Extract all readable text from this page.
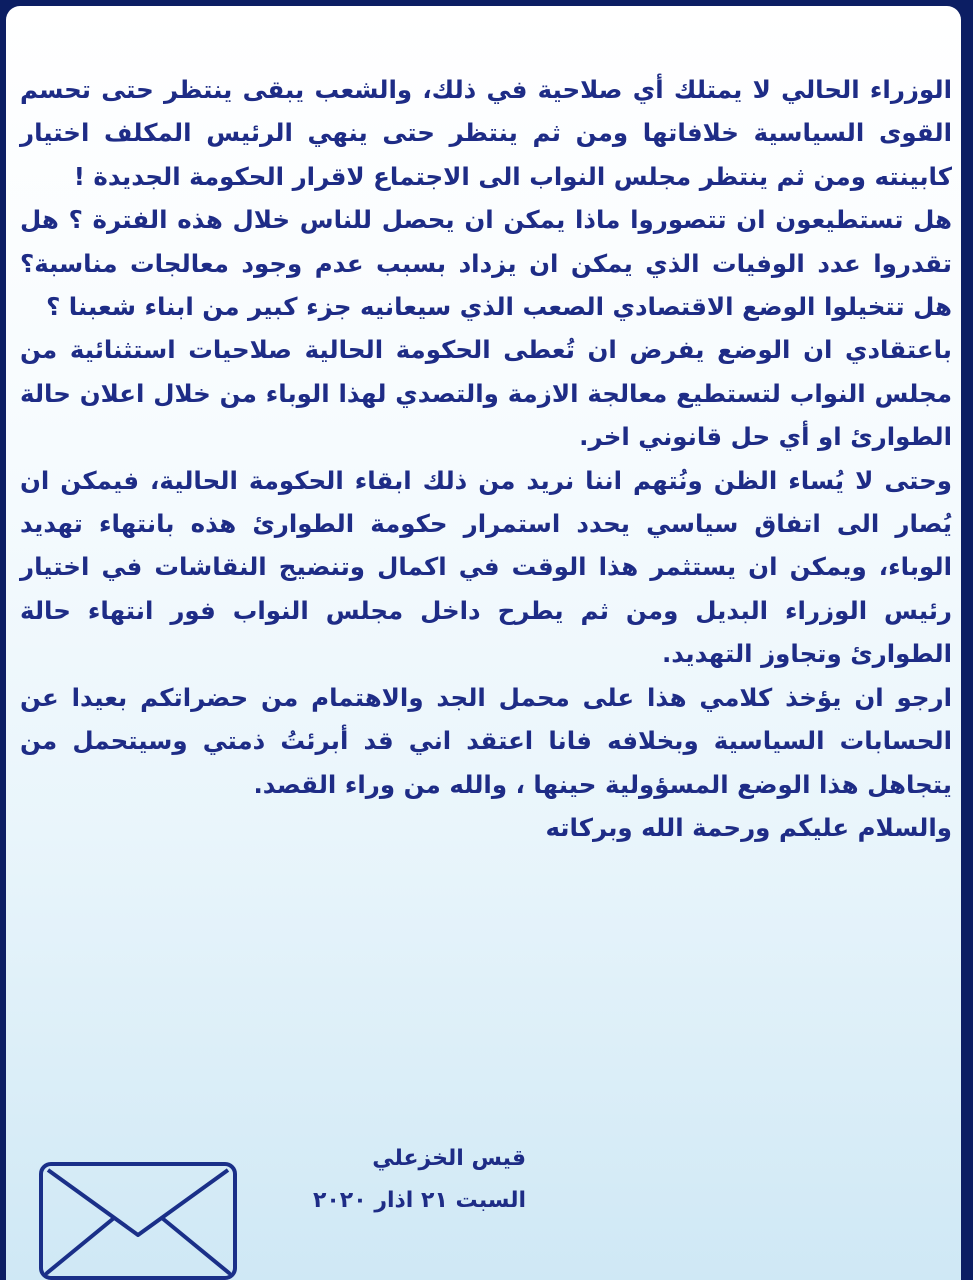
الوزراء الحالي لا يمتلك أي صلاحية في ذلك، والشعب يبقى ينتظر حتى تحسم القوى السياسية خلافاتها ومن ثم ينتظر حتى ينهي الرئيس المكلف اختيار كابينته ومن ثم ينتظر مجلس النواب الى الاجتماع لاقرار الحكومة الجديدة !

هل تستطيعون ان تتصوروا ماذا يمكن ان يحصل للناس خلال هذه الفترة ؟ هل تقدروا عدد الوفيات الذي يمكن ان يزداد بسبب عدم وجود معالجات مناسبة؟ هل تتخيلوا الوضع الاقتصادي الصعب الذي سيعانيه جزء كبير من ابناء شعبنا ؟

باعتقادي ان الوضع يفرض ان تُعطى الحكومة الحالية صلاحيات استثنائية من مجلس النواب لتستطيع معالجة الازمة والتصدي لهذا الوباء من خلال اعلان حالة الطوارئ او أي حل قانوني اخر.

وحتى لا يُساء الظن ونُتهم اننا نريد من ذلك ابقاء الحكومة الحالية، فيمكن ان يُصار الى اتفاق سياسي يحدد استمرار حكومة الطوارئ هذه بانتهاء تهديد الوباء، ويمكن ان يستثمر هذا الوقت في اكمال وتنضيج النقاشات في اختيار رئيس الوزراء البديل ومن ثم يطرح داخل مجلس النواب فور انتهاء حالة الطوارئ وتجاوز التهديد.

ارجو ان يؤخذ كلامي هذا على محمل الجد والاهتمام من حضراتكم بعيدا عن الحسابات السياسية وبخلافه فانا اعتقد اني قد أبرئتُ ذمتي وسيتحمل من يتجاهل هذا الوضع المسؤولية حينها ، والله من وراء القصد.

والسلام عليكم ورحمة الله وبركاته

قيس الخزعلي
السبت ٢١ اذار ٢٠٢٠
